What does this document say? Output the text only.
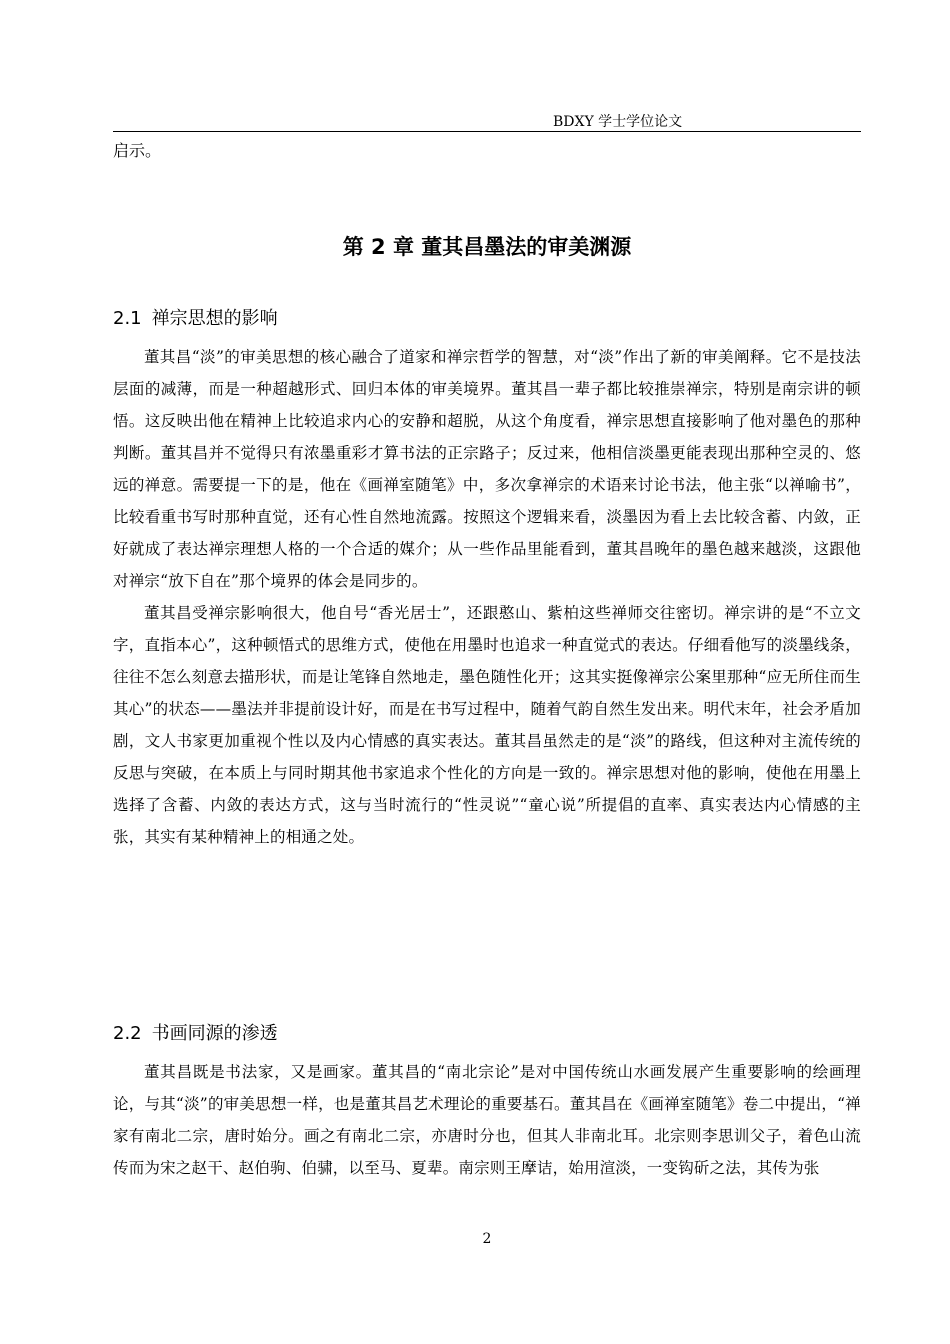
BDXY 学士学位论文
启示。
第 2 章 董其昌墨法的审美渊源
2.1 禅宗思想的影响

董其昌“淡”的审美思想的核心融合了道家和禅宗哲学的智慧，对“淡”作出了新的审美阐释。它不是技法层面的减薄，而是一种超越形式、回归本体的审美境界。董其昌一辈子都比较推崇禅宗，特别是南宗讲的顿悟。这反映出他在精神上比较追求内心的安静和超脱，从这个角度看，禅宗思想直接影响了他对墨色的那种判断。董其昌并不觉得只有浓墨重彩才算书法的正宗路子；反过来，他相信淡墨更能表现出那种空灵的、悠远的禅意。需要提一下的是，他在《画禅室随笔》中，多次拿禅宗的术语来讨论书法，他主张“以禅喻书”，比较看重书写时那种直觉，还有心性自然地流露。按照这个逻辑来看，淡墨因为看上去比较含蓄、内敛，正好就成了表达禅宗理想人格的一个合适的媒介；从一些作品里能看到，董其昌晚年的墨色越来越淡，这跟他对禅宗“放下自在”那个境界的体会是同步的。

董其昌受禅宗影响很大，他自号“香光居士”，还跟憨山、紫柏这些禅师交往密切。禅宗讲的是“不立文字，直指本心”，这种顿悟式的思维方式，使他在用墨时也追求一种直觉式的表达。仔细看他写的淡墨线条，往往不怎么刻意去描形状，而是让笔锋自然地走，墨色随性化开；这其实挺像禅宗公案里那种“应无所住而生其心”的状态——墨法并非提前设计好，而是在书写过程中，随着气韵自然生发出来。明代末年，社会矛盾加剧，文人书家更加重视个性以及内心情感的真实表达。董其昌虽然走的是“淡”的路线，但这种对主流传统的反思与突破，在本质上与同时期其他书家追求个性化的方向是一致的。禅宗思想对他的影响，使他在用墨上选择了含蓄、内敛的表达方式，这与当时流行的“性灵说”“童心说”所提倡的直率、真实表达内心情感的主张，其实有某种精神上的相通之处。

2.2 书画同源的渗透

董其昌既是书法家，又是画家。董其昌的“南北宗论”是对中国传统山水画发展产生重要影响的绘画理论，与其“淡”的审美思想一样，也是董其昌艺术理论的重要基石。董其昌在《画禅室随笔》卷二中提出，“禅家有南北二宗，唐时始分。画之有南北二宗，亦唐时分也，但其人非南北耳。北宗则李思训父子，着色山流传而为宋之赵干、赵伯驹、伯骕，以至马、夏辈。南宗则王摩诘，始用渲淡，一变钩斫之法，其传为张

2
